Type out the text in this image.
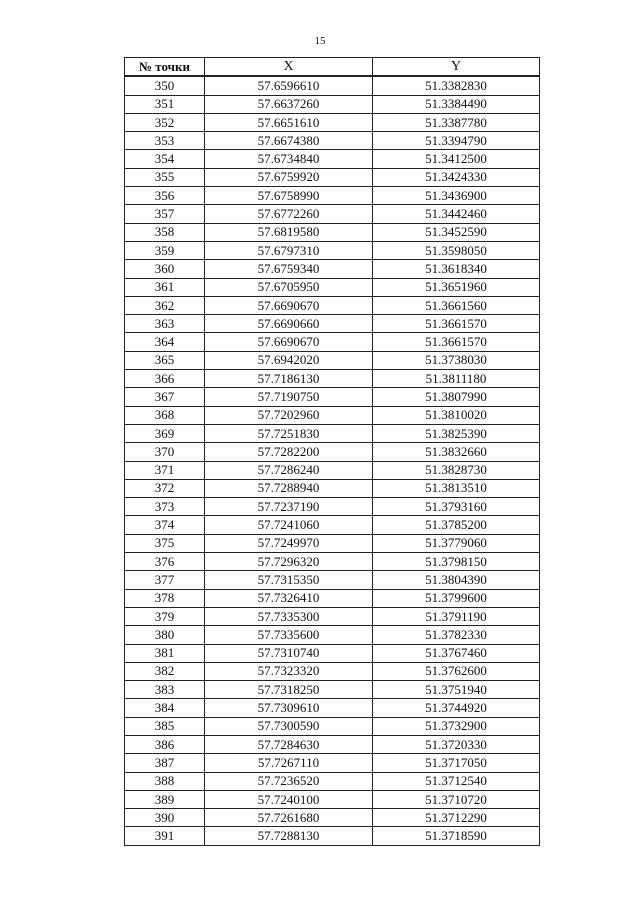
15
№ точки	X	Y
350	57.6596610	51.3382830
351	57.6637260	51.3384490
352	57.6651610	51.3387780
353	57.6674380	51.3394790
354	57.6734840	51.3412500
355	57.6759920	51.3424330
356	57.6758990	51.3436900
357	57.6772260	51.3442460
358	57.6819580	51.3452590
359	57.6797310	51.3598050
360	57.6759340	51.3618340
361	57.6705950	51.3651960
362	57.6690670	51.3661560
363	57.6690660	51.3661570
364	57.6690670	51.3661570
365	57.6942020	51.3738030
366	57.7186130	51.3811180
367	57.7190750	51.3807990
368	57.7202960	51.3810020
369	57.7251830	51.3825390
370	57.7282200	51.3832660
371	57.7286240	51.3828730
372	57.7288940	51.3813510
373	57.7237190	51.3793160
374	57.7241060	51.3785200
375	57.7249970	51.3779060
376	57.7296320	51.3798150
377	57.7315350	51.3804390
378	57.7326410	51.3799600
379	57.7335300	51.3791190
380	57.7335600	51.3782330
381	57.7310740	51.3767460
382	57.7323320	51.3762600
383	57.7318250	51.3751940
384	57.7309610	51.3744920
385	57.7300590	51.3732900
386	57.7284630	51.3720330
387	57.7267110	51.3717050
388	57.7236520	51.3712540
389	57.7240100	51.3710720
390	57.7261680	51.3712290
391	57.7288130	51.3718590
